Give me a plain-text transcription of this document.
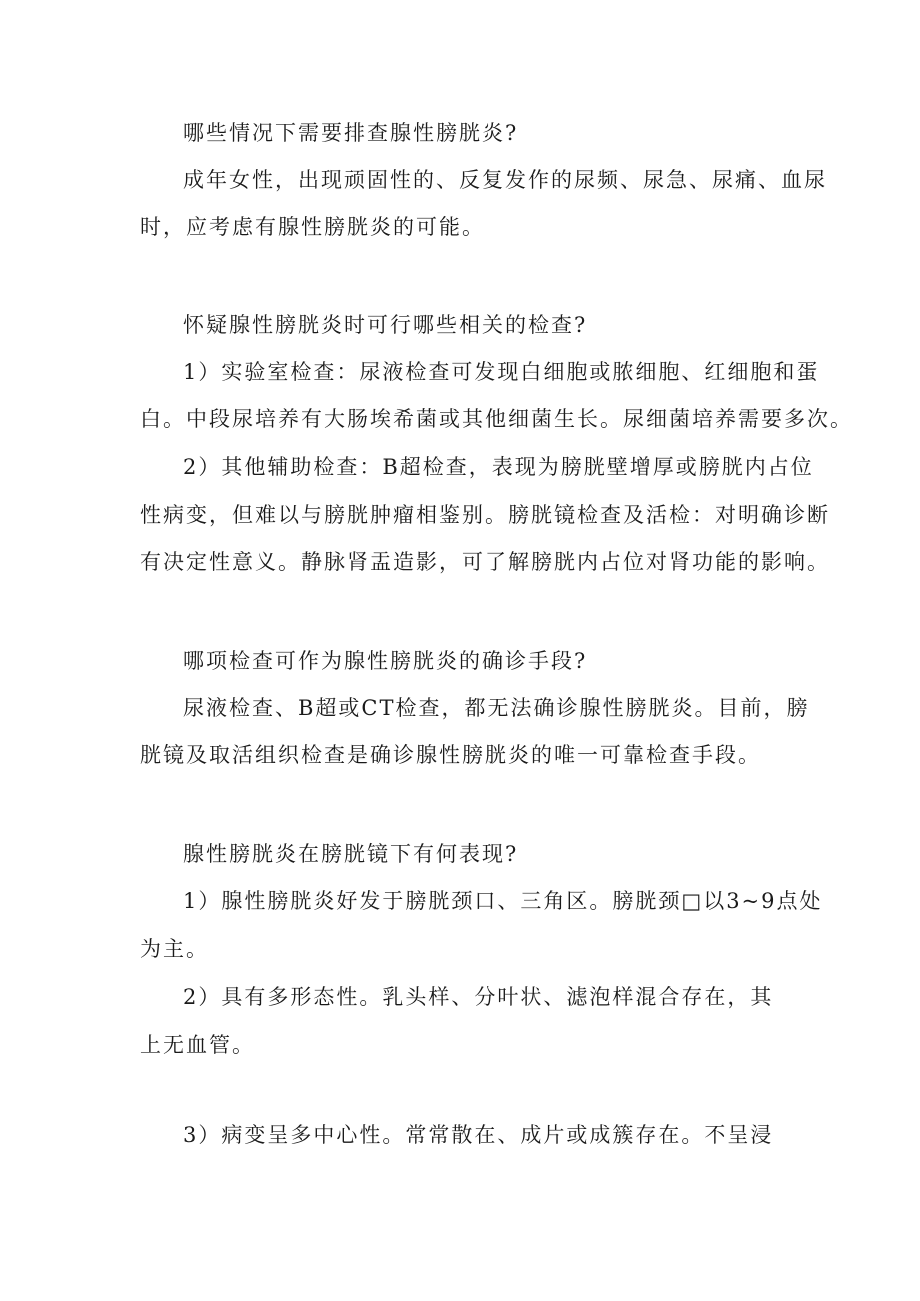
哪些情况下需要排查腺性膀胱炎?
成年女性，出现顽固性的、反复发作的尿频、尿急、尿痛、血尿
时，应考虑有腺性膀胱炎的可能。
怀疑腺性膀胱炎时可行哪些相关的检查?
1）实验室检查：尿液检查可发现白细胞或脓细胞、红细胞和蛋
白。中段尿培养有大肠埃希菌或其他细菌生长。尿细菌培养需要多次。
2）其他辅助检查：B超检查，表现为膀胱壁增厚或膀胱内占位
性病变，但难以与膀胱肿瘤相鉴别。膀胱镜检查及活检：对明确诊断
有决定性意义。静脉肾盂造影，可了解膀胱内占位对肾功能的影响。
哪项检查可作为腺性膀胱炎的确诊手段?
尿液检查、B超或CT检查，都无法确诊腺性膀胱炎。目前，膀
胱镜及取活组织检查是确诊腺性膀胱炎的唯一可靠检查手段。
腺性膀胱炎在膀胱镜下有何表现?
1）腺性膀胱炎好发于膀胱颈口、三角区。膀胱颈□以3~9点处
为主。
2）具有多形态性。乳头样、分叶状、滤泡样混合存在，其
上无血管。
3）病变呈多中心性。常常散在、成片或成簇存在。不呈浸
